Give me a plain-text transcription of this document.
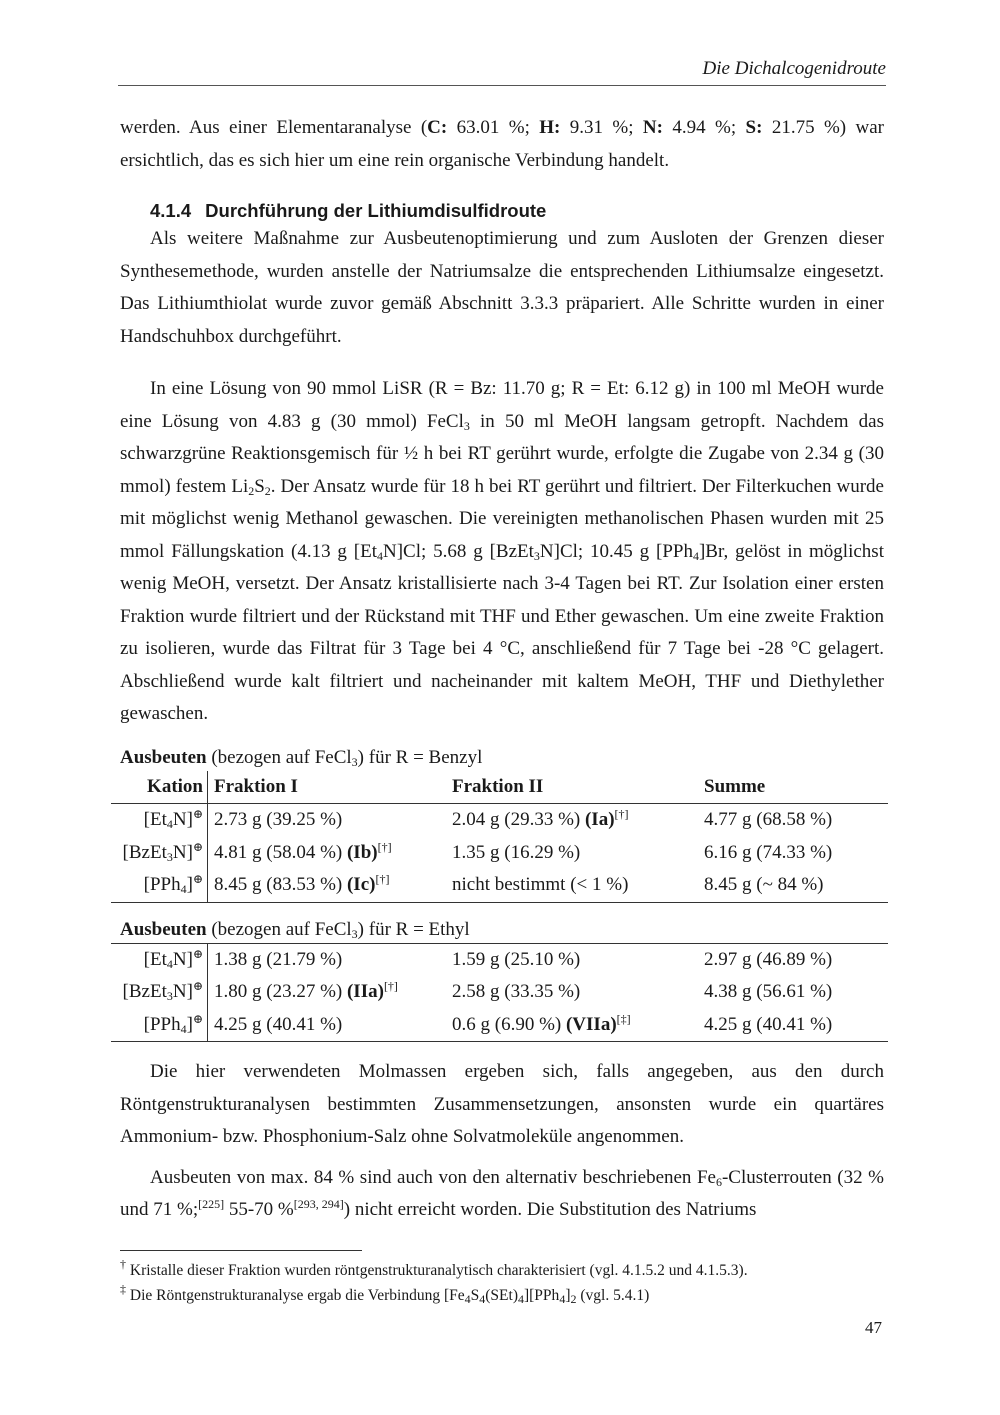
Die Dichalcogenidroute

werden. Aus einer Elementaranalyse (C: 63.01 %; H: 9.31 %; N: 4.94 %; S: 21.75 %) war ersichtlich, das es sich hier um eine rein organische Verbindung handelt.

4.1.4 Durchführung der Lithiumdisulfidroute

Als weitere Maßnahme zur Ausbeutenoptimierung und zum Ausloten der Grenzen dieser Synthesemethode, wurden anstelle der Natriumsalze die entsprechenden Lithiumsalze eingesetzt. Das Lithiumthiolat wurde zuvor gemäß Abschnitt 3.3.3 präpariert. Alle Schritte wurden in einer Handschuhbox durchgeführt.

In eine Lösung von 90 mmol LiSR (R = Bz: 11.70 g; R = Et: 6.12 g) in 100 ml MeOH wurde eine Lösung von 4.83 g (30 mmol) FeCl$_3$ in 50 ml MeOH langsam getropft. Nachdem das schwarzgrüne Reaktionsgemisch für ½ h bei RT gerührt wurde, erfolgte die Zugabe von 2.34 g (30 mmol) festem $Li_2S_2$. Der Ansatz wurde für 18 h bei RT gerührt und filtriert. Der Filterkuchen wurde mit möglichst wenig Methanol gewaschen. Die vereinigten methanolischen Phasen wurden mit 25 mmol Fällungskation (4.13 g $[Et_4N]Cl$; 5.68 g [BzEt$_3$N]Cl; 10.45 g [PPh$_4$]Br, gelöst in möglichst wenig MeOH, versetzt. Der Ansatz kristallisierte nach 3-4 Tagen bei RT. Zur Isolation einer ersten Fraktion wurde filtriert und der Rückstand mit THF und Ether gewaschen. Um eine zweite Fraktion zu isolieren, wurde das Filtrat für 3 Tage bei 4 °C, anschließend für 7 Tage bei -28 °C gelagert. Abschließend wurde kalt filtriert und nacheinander mit kaltem MeOH, THF und Diethylether gewaschen.

Ausbeuten (bezogen auf FeCl$_3$) für R = Benzyl
Kation	Fraktion I	Fraktion II	Summe
$[Et_4N]^\oplus$	2.73 g (39.25 %)	2.04 g (29.33 %) (Ia)[†]	4.77 g (68.58 %)
[BzEt$_3$N]⊕	4.81 g (58.04 %) (Ib)[†]	1.35 g (16.29 %)	6.16 g (74.33 %)
[PPh$_4$]⊕	8.45 g (83.53 %) (Ic)[†]	nicht bestimmt (< 1 %)	8.45 g (~ 84 %)
Ausbeuten (bezogen auf FeCl$_3$) für R = Ethyl
$[Et_4N]^\oplus$	1.38 g (21.79 %)	1.59 g (25.10 %)	2.97 g (46.89 %)
[BzEt$_3$N]⊕	1.80 g (23.27 %) (IIa)[†]	2.58 g (33.35 %)	4.38 g (56.61 %)
[PPh$_4$]⊕	4.25 g (40.41 %)	0.6 g (6.90 %) (VIIa)[‡]	4.25 g (40.41 %)

Die hier verwendeten Molmassen ergeben sich, falls angegeben, aus den durch Röntgenstrukturanalysen bestimmten Zusammensetzungen, ansonsten wurde ein quartäres Ammonium- bzw. Phosphonium-Salz ohne Solvatmoleküle angenommen.

Ausbeuten von max. 84 % sind auch von den alternativ beschriebenen $Fe_6$-Clusterrouten (32 % und 71 %;[225] 55-70 %[293, 294]) nicht erreicht worden. Die Substitution des Natriums

† Kristalle dieser Fraktion wurden röntgenstrukturanalytisch charakterisiert (vgl. 4.1.5.2 und 4.1.5.3).
‡ Die Röntgenstrukturanalyse ergab die Verbindung $[Fe_4S_4(SEt)_4][PPh_4]_2$ (vgl. 5.4.1)
47
